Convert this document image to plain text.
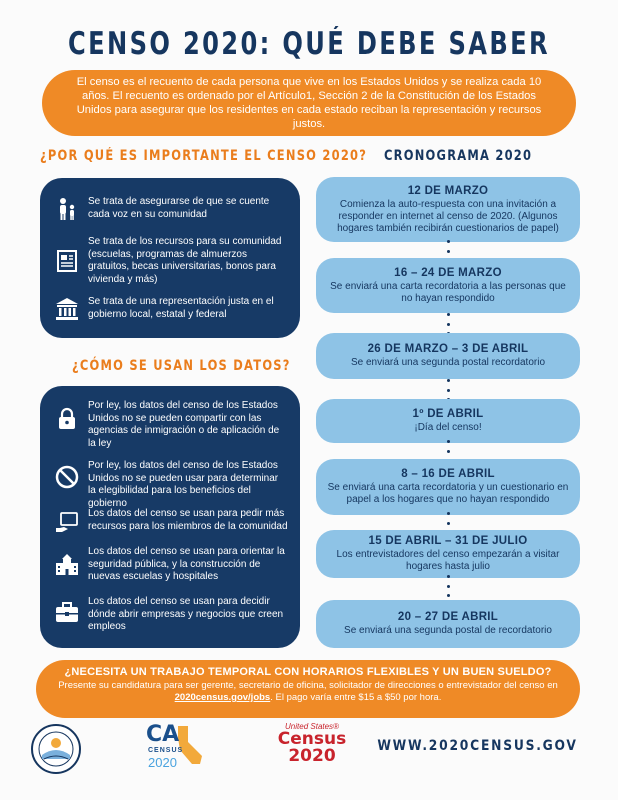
CENSO 2020: QUÉ DEBE SABER
El censo es el recuento de cada persona que vive en los Estados Unidos y se realiza cada 10 años. El recuento es ordenado por el Artículo1, Sección 2 de la Constitución de los Estados Unidos para asegurar que los residentes en cada estado reciban la representación y recursos justos.
¿POR QUÉ ES IMPORTANTE EL CENSO 2020?
Se trata de asegurarse de que se cuente cada voz en su comunidad
Se trata de los recursos para su comunidad (escuelas, programas de almuerzos gratuitos, becas universitarias, bonos para vivienda y más)
Se trata de una representación justa en el gobierno local, estatal y federal
¿CÓMO SE USAN LOS DATOS?
Por ley, los datos del censo de los Estados Unidos no se pueden compartir con las agencias de inmigración o de aplicación de la ley
Por ley, los datos del censo de los Estados Unidos no se pueden usar para determinar la elegibilidad para los beneficios del gobierno
Los datos del censo se usan para pedir más recursos para los miembros de la comunidad
Los datos del censo se usan para orientar la seguridad pública, y la construcción de nuevas escuelas y hospitales
Los datos del censo se usan para decidir dónde abrir empresas y negocios que creen empleos
CRONOGRAMA 2020
12 DE MARZO
Comienza la auto-respuesta con una invitación a responder en internet al censo de 2020. (Algunos hogares también recibirán cuestionarios de papel)
16 – 24 DE MARZO
Se enviará una carta recordatoria a las personas que no hayan respondido
26 DE MARZO – 3 DE ABRIL
Se enviará una segunda postal recordatorio
1º DE ABRIL
¡Día del censo!
8 – 16 DE ABRIL
Se enviará una carta recordatoria y un cuestionario en papel a los hogares que no hayan respondido
15 DE ABRIL – 31 DE JULIO
Los entrevistadores del censo empezarán a visitar hogares hasta julio
20 – 27 DE ABRIL
Se enviará una segunda postal de recordatorio
¿NECESITA UN TRABAJO TEMPORAL CON HORARIOS FLEXIBLES Y UN BUEN SUELDO?
Presente su candidatura para ser gerente, secretario de oficina, solicitador de direcciones o entrevistador del censo en
2020census.gov/jobs. El pago varía entre $15 a $50 por hora.
CA
CENSUS
2020
United States®
Census
2020	WWW.2020CENSUS.GOV
